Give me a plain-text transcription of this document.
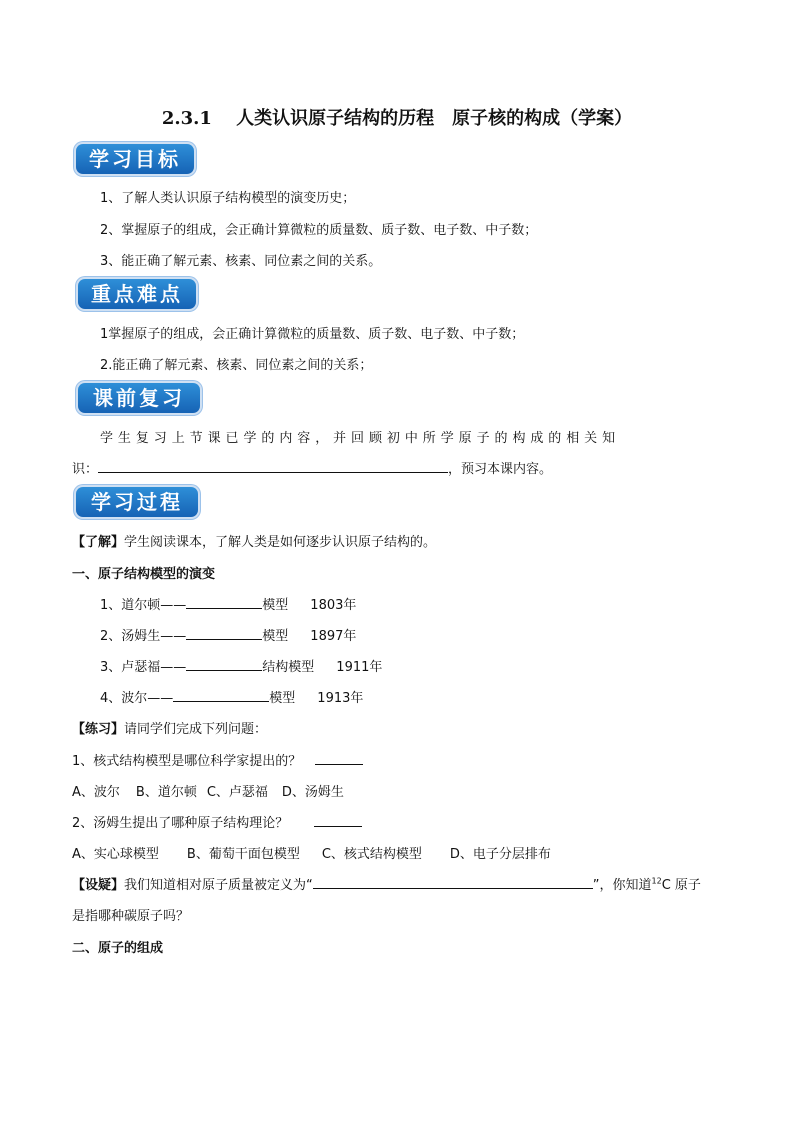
2.3.1　 人类认识原子结构的历程　原子核的构成（学案）
学习目标
1、了解人类认识原子结构模型的演变历史；
2、掌握原子的组成，会正确计算微粒的质量数、质子数、电子数、中子数；
3、能正确了解元素、核素、同位素之间的关系。
重点难点
1掌握原子的组成，会正确计算微粒的质量数、质子数、电子数、中子数；
2.能正确了解元素、核素、同位素之间的关系；
课前复习
学 生 复 习 上 节 课 已 学 的 内 容 ， 并 回 顾 初 中 所 学 原 子 的 构 成 的 相 关 知
识：	，预习本课内容。
学习过程
【了解】学生阅读课本，了解人类是如何逐步认识原子结构的。
一、原子结构模型的演变
1、道尔顿——	模型 1803年
2、汤姆生——	模型 1897年
3、卢瑟福——	结构模型 1911年
4、波尔——	模型 1913年
【练习】请同学们完成下列问题：
1、核式结构模型是哪位科学家提出的？
A、波尔 B、道尔顿 C、卢瑟福 D、汤姆生
2、汤姆生提出了哪种原子结构理论？
A、实心球模型 B、葡萄干面包模型 C、核式结构模型 D、电子分层排布
【设疑】我们知道相对原子质量被定义为“	”，你知道$^{12}$C 原子
是指哪种碳原子吗？
二、原子的组成
